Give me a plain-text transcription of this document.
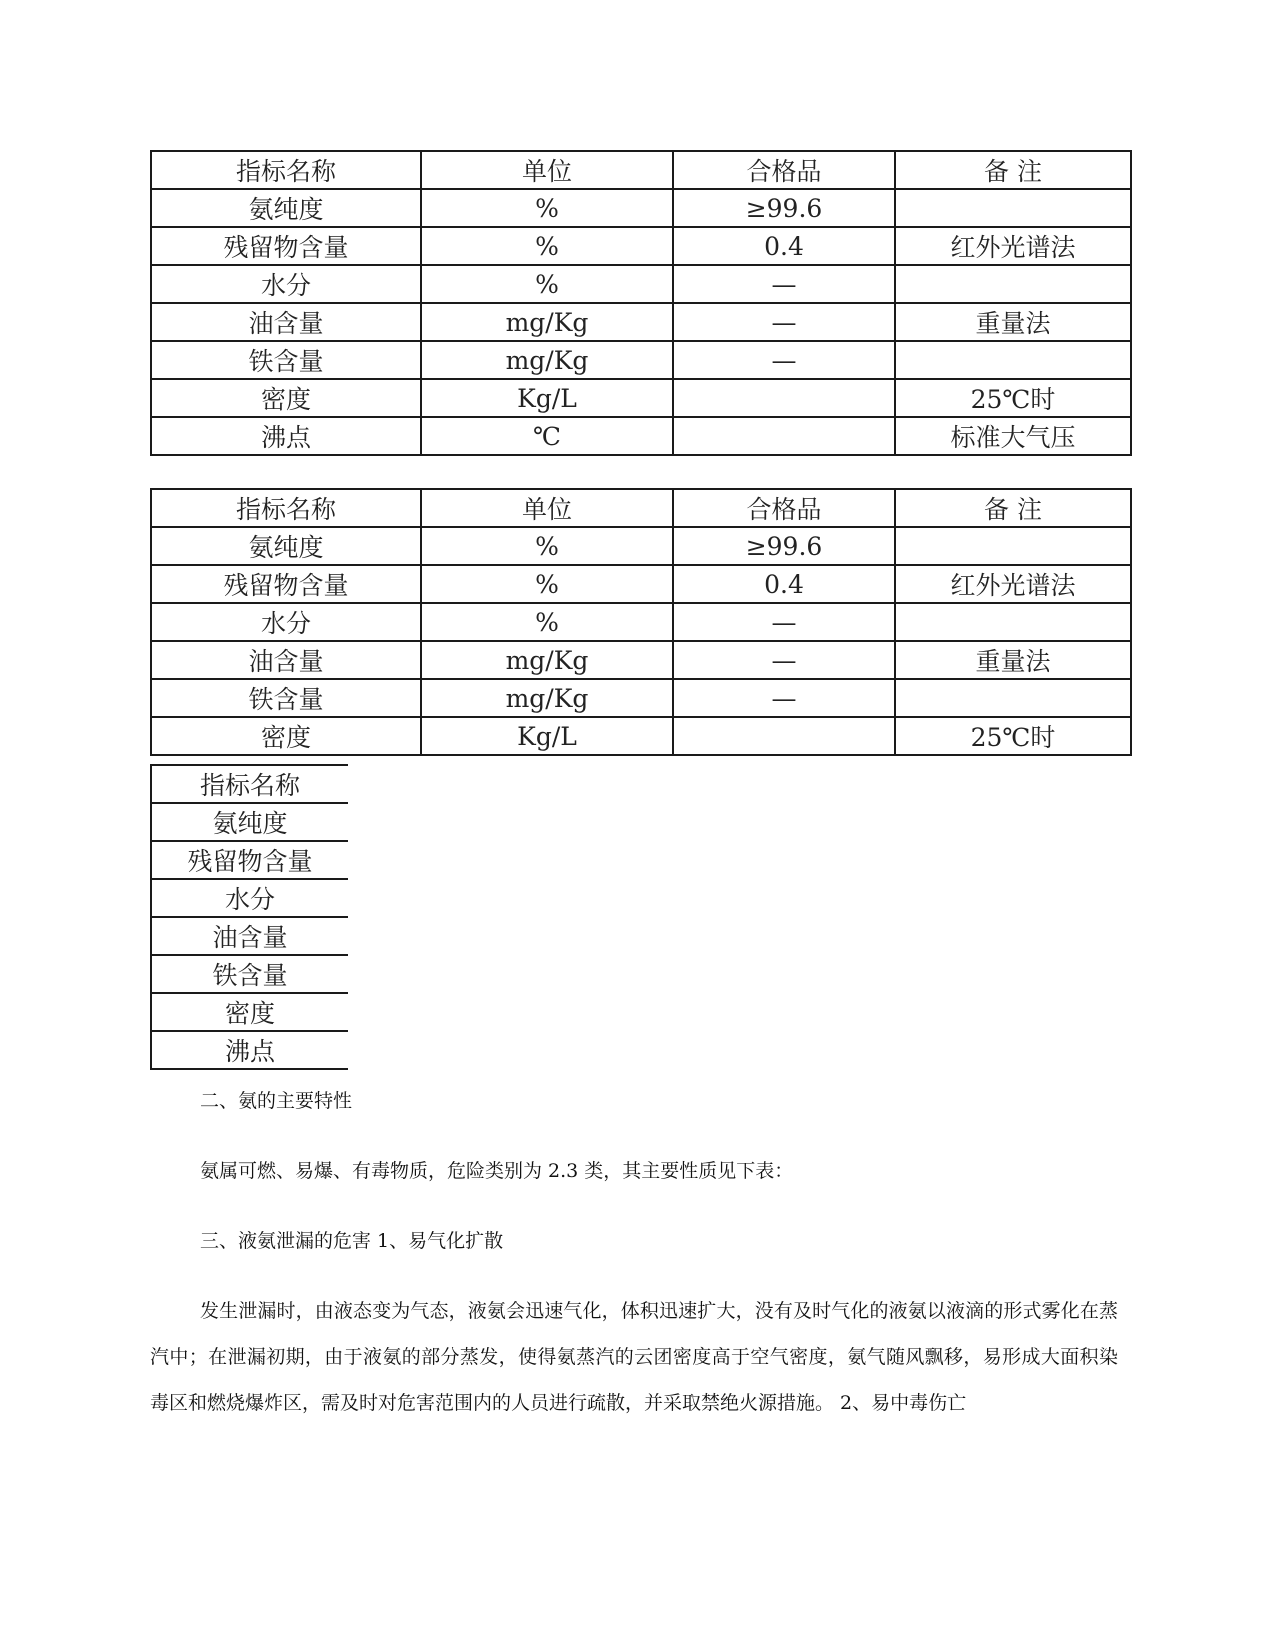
指标名称	单位	合格品	备 注
氨纯度	%	≥99.6	
残留物含量	%	0.4	红外光谱法
水分	%	—	
油含量	mg/Kg	—	重量法
铁含量	mg/Kg	—	
密度	Kg/L		25℃时
沸点	℃		标准大气压
指标名称	单位	合格品	备 注
氨纯度	%	≥99.6	
残留物含量	%	0.4	红外光谱法
水分	%	—	
油含量	mg/Kg	—	重量法
铁含量	mg/Kg	—	
密度	Kg/L		25℃时
指标名称
氨纯度
残留物含量
水分
油含量
铁含量
密度
沸点

二、氨的主要特性

氨属可燃、易爆、有毒物质，危险类别为 2.3 类，其主要性质见下表：

三、液氨泄漏的危害 1、易气化扩散

发生泄漏时，由液态变为气态，液氨会迅速气化，体积迅速扩大，没有及时气化的液氨以液滴的形式雾化在蒸汽中；在泄漏初期，由于液氨的部分蒸发，使得氨蒸汽的云团密度高于空气密度，氨气随风飘移，易形成大面积染毒区和燃烧爆炸区，需及时对危害范围内的人员进行疏散，并采取禁绝火源措施。 2、易中毒伤亡
